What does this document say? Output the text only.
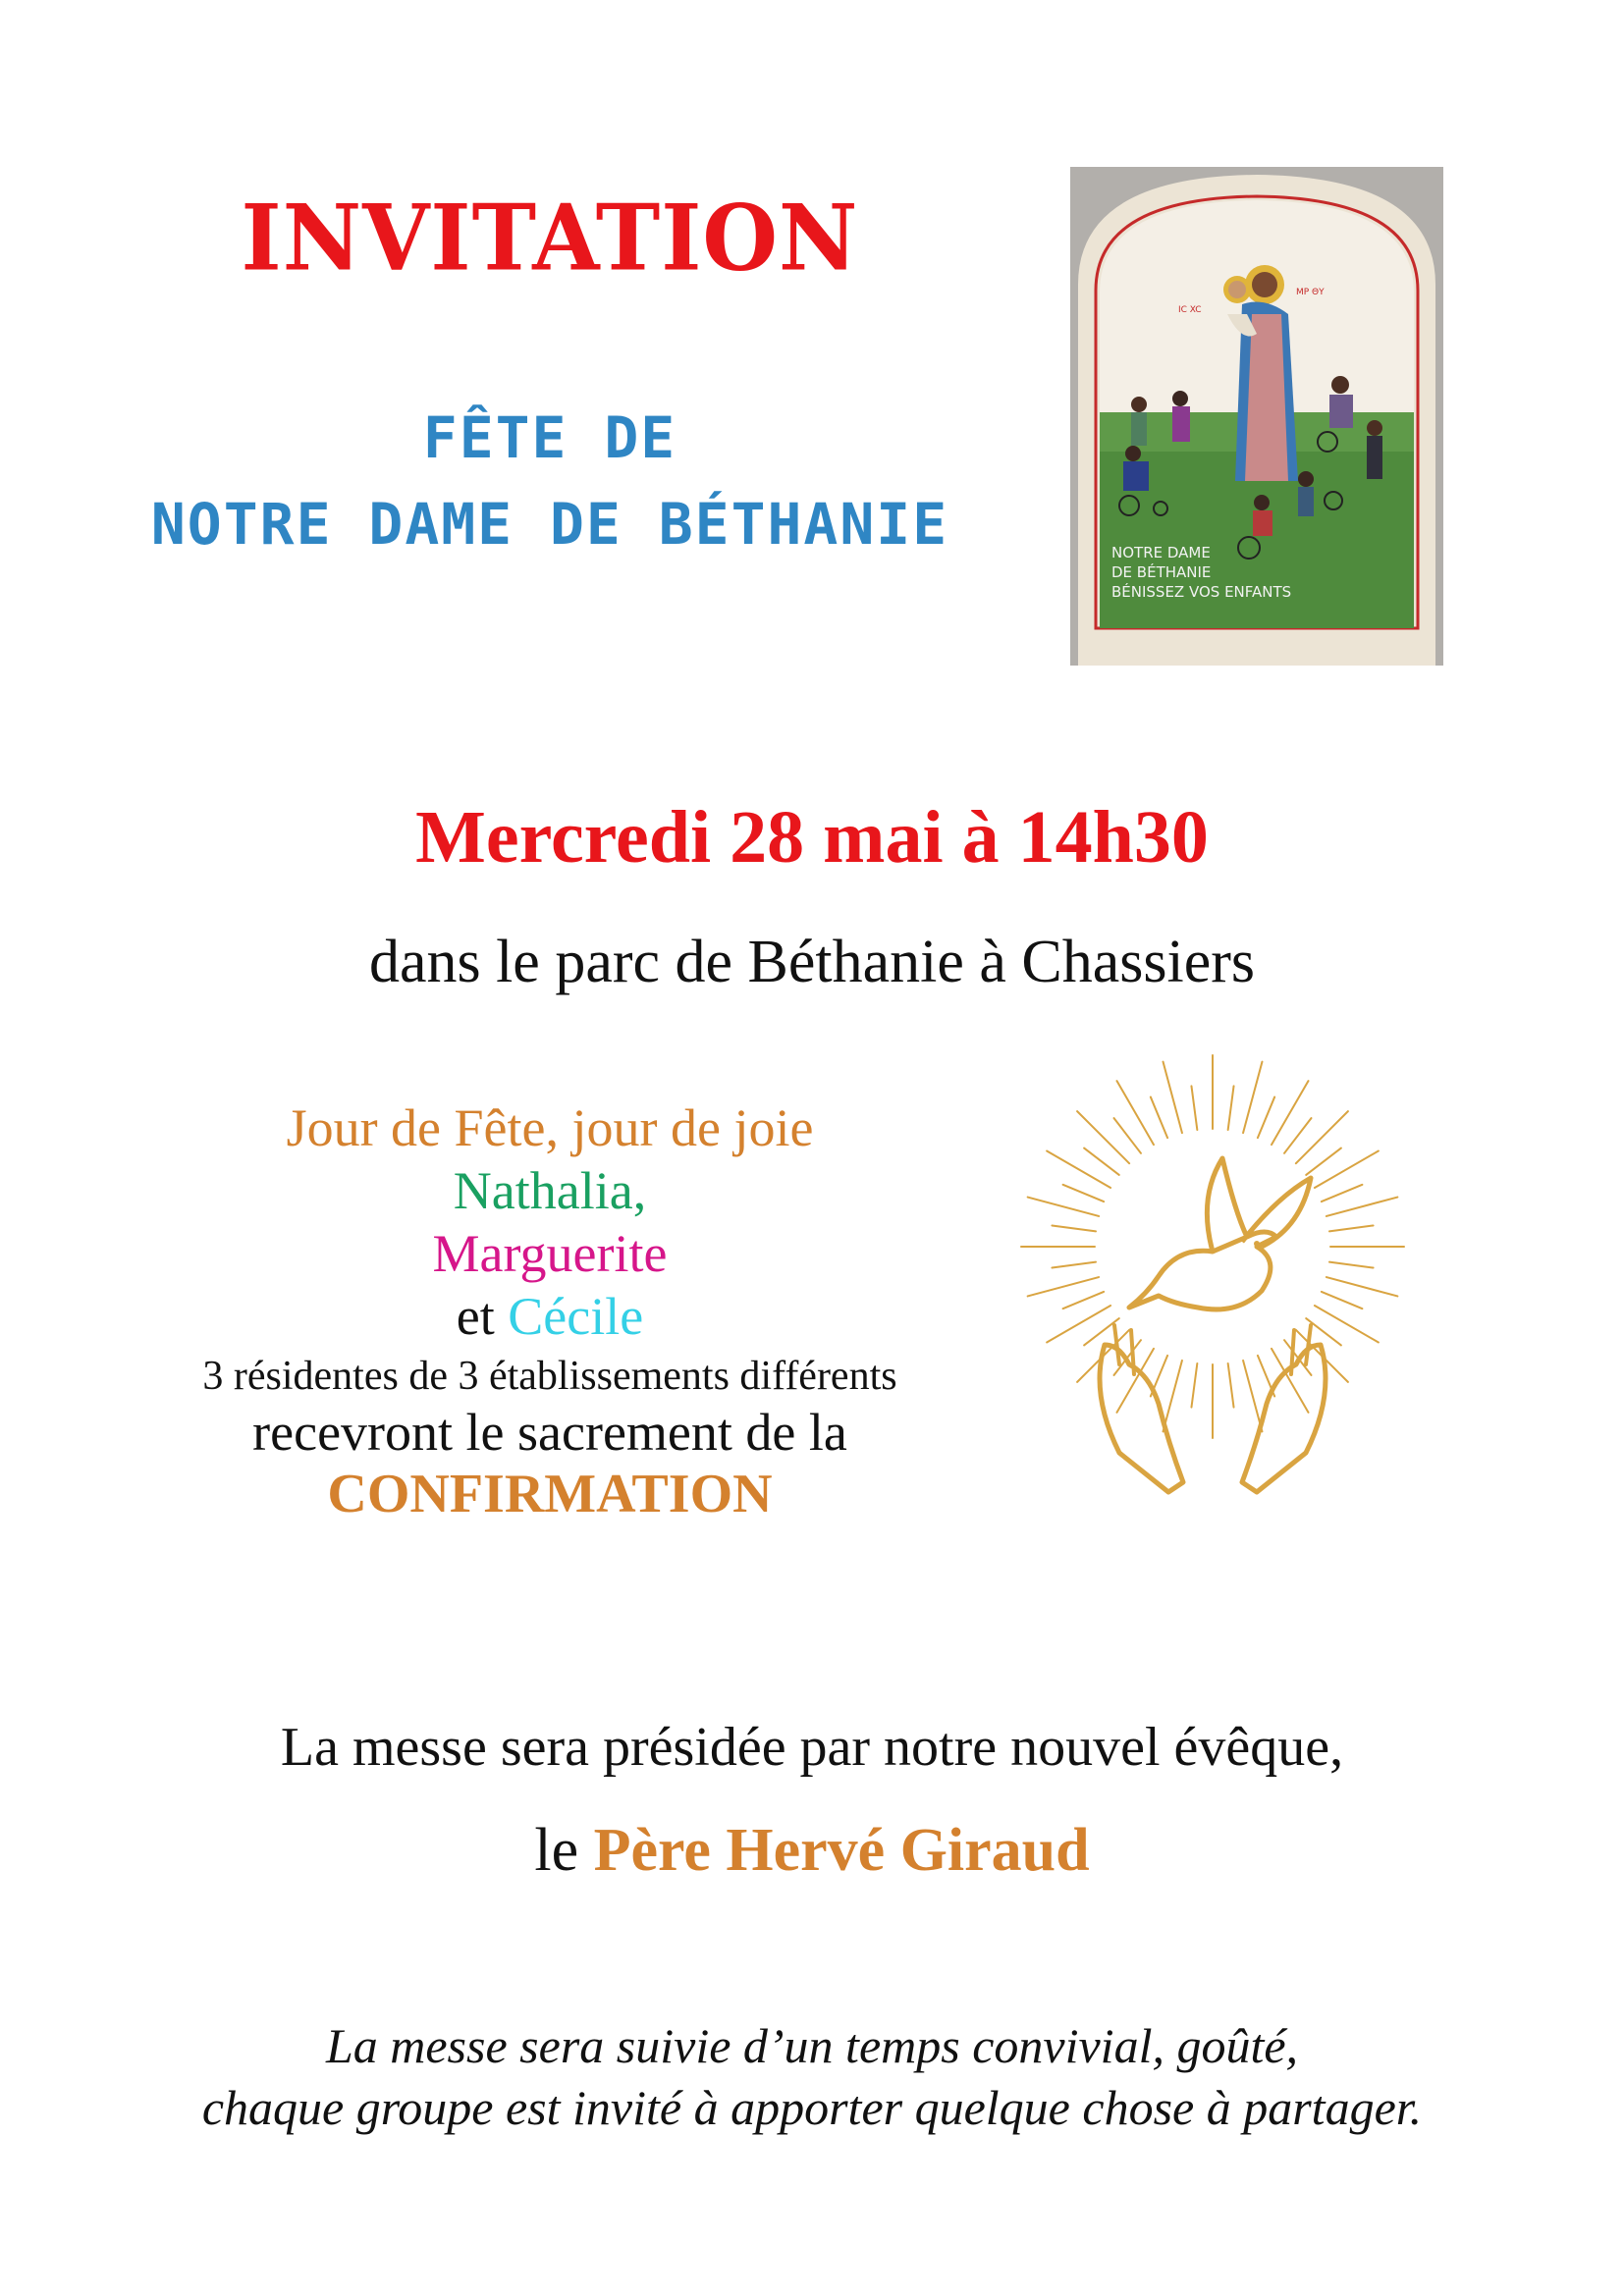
INVITATION
FÊTE DE
NOTRE DAME DE BÉTHANIE
IC XC
MP ΘΥ
NOTRE DAME
DE BÉTHANIE
BÉNISSEZ VOS ENFANTS
Mercredi 28 mai à 14h30
dans le parc de Béthanie à Chassiers
Jour de Fête, jour de joie
Nathalia,
Marguerite
et Cécile
3 résidentes de 3 établissements différents
recevront le sacrement de la
CONFIRMATION
La messe sera présidée par notre nouvel évêque,
le Père Hervé Giraud
La messe sera suivie d’un temps convivial, goûté,
chaque groupe est invité à apporter quelque chose à partager.
